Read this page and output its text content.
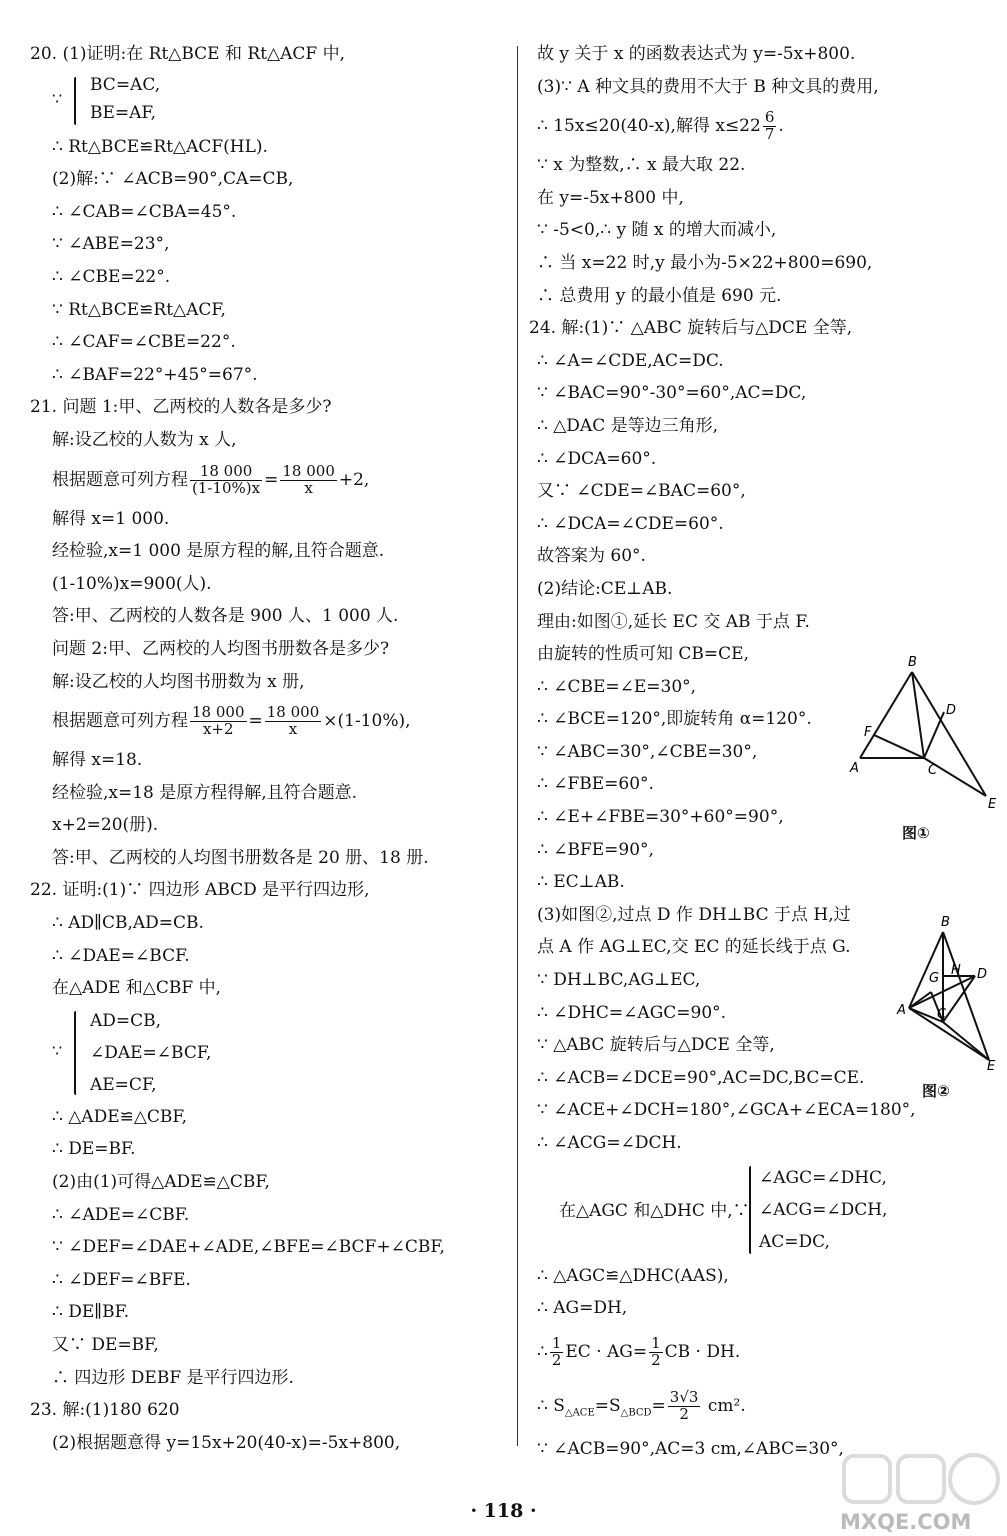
20. (1)证明:在 Rt△BCE 和 Rt△ACF 中,
∵
BC=AC,
BE=AF,
∴ Rt△BCE≌Rt△ACF(HL).
(2)解:∵ ∠ACB=90°,CA=CB,
∴ ∠CAB=∠CBA=45°.
∵ ∠ABE=23°,
∴ ∠CBE=22°.
∵ Rt△BCE≌Rt△ACF,
∴ ∠CAF=∠CBE=22°.
∴ ∠BAF=22°+45°=67°.
21. 问题 1:甲、乙两校的人数各是多少?
解:设乙校的人数为 x 人,
根据题意可列方程 $\frac{18 000}{(1-10\%)x} = \frac{18 000}{x} +2$,
解得 x=1 000.
经检验,x=1 000 是原方程的解,且符合题意.
(1-10%)x=900(人).
答:甲、乙两校的人数各是 900 人、1 000 人.
问题 2:甲、乙两校的人均图书册数各是多少?
解:设乙校的人均图书册数为 x 册,
根据题意可列方程 $\frac{18 000}{x+2} = \frac{18 000}{x} \times(1-10\%)$,
解得 x=18.
经检验,x=18 是原方程得解,且符合题意.
x+2=20(册).
答:甲、乙两校的人均图书册数各是 20 册、18 册.
22. 证明:(1)∵ 四边形 ABCD 是平行四边形,
∴ AD∥CB,AD=CB.
∴ ∠DAE=∠BCF.
在△ADE 和△CBF 中,
∵
AD=CB,
∠DAE=∠BCF,
AE=CF,
∴ △ADE≌△CBF,
∴ DE=BF.
(2)由(1)可得△ADE≌△CBF,
∴ ∠ADE=∠CBF.
∵ ∠DEF=∠DAE+∠ADE,∠BFE=∠BCF+∠CBF,
∴ ∠DEF=∠BFE.
∴ DE∥BF.
又∵ DE=BF,
∴ 四边形 DEBF 是平行四边形.
23. 解:(1)180 620
(2)根据题意得 y=15x+20(40-x)=-5x+800,
故 y 关于 x 的函数表达式为 y=-5x+800.
(3)∵ A 种文具的费用不大于 B 种文具的费用,
∴ 15x≤20(40-x),解得 $x\le 22 \frac{6}{7}$ .
∵ x 为整数,∴ x 最大取 22.
在 y=-5x+800 中,
∵ -5<0,∴ y 随 x 的增大而减小,
∴ 当 x=22 时,y 最小为-5×22+800=690,
∴ 总费用 y 的最小值是 690 元.
24. 解:(1)∵ △ABC 旋转后与△DCE 全等,
∴ ∠A=∠CDE,AC=DC.
∵ ∠BAC=90°-30°=60°,AC=DC,
∴ △DAC 是等边三角形,
∴ ∠DCA=60°.
又∵ ∠CDE=∠BAC=60°,
∴ ∠DCA=∠CDE=60°.
故答案为 60°.
(2)结论:CE⊥AB.
理由:如图①,延长 EC 交 AB 于点 F.
由旋转的性质可知 CB=CE,
∴ ∠CBE=∠E=30°,
∴ ∠BCE=120°,即旋转角 α=120°.
∵ ∠ABC=30°,∠CBE=30°,
∴ ∠FBE=60°.
∴ ∠E+∠FBE=30°+60°=90°,
∴ ∠BFE=90°,
∴ EC⊥AB.
(3)如图②,过点 D 作 DH⊥BC 于点 H,过
点 A 作 AG⊥EC,交 EC 的延长线于点 G.
∵ DH⊥BC,AG⊥EC,
∴ ∠DHC=∠AGC=90°.
∵ △ABC 旋转后与△DCE 全等,
∴ ∠ACB=∠DCE=90°,AC=DC,BC=CE.
∵ ∠ACE+∠DCH=180°,∠GCA+∠ECA=180°,
∴ ∠ACG=∠DCH.
在△AGC 和△DHC 中,∵
∠AGC=∠DHC,
∠ACG=∠DCH,
AC=DC,
∴ △AGC≌△DHC(AAS),
∴ AG=DH,
∴ $\frac{1}{2}$ EC · $AG= \frac{1}{2}$ CB · DH.
∴ $S_{\triangle ACE}=S_{\triangle BCD}= \frac{3√3}{2} cm^2$.
∵ ∠ACB=90°,AC=3 cm,∠ABC=30°,
B
D
F
A	C
E
图①
B
D
H
G
A C
E
图②
· 118 ·	MXQE.COM
